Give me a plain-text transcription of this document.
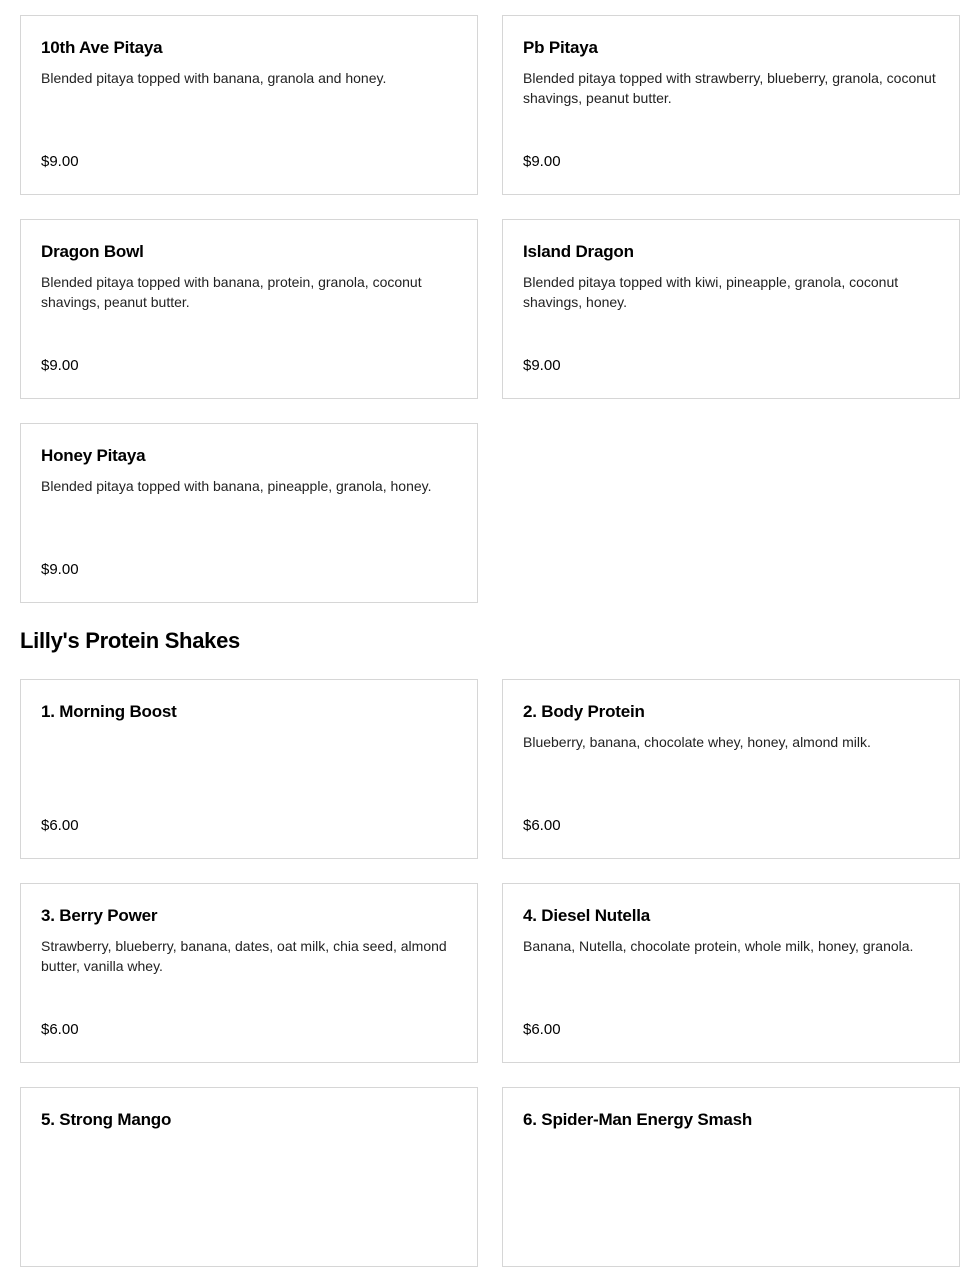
10th Ave Pitaya
Blended pitaya topped with banana, granola and honey.
$9.00
Pb Pitaya
Blended pitaya topped with strawberry, blueberry, granola, coconut shavings, peanut butter.
$9.00
Dragon Bowl
Blended pitaya topped with banana, protein, granola, coconut shavings, peanut butter.
$9.00
Island Dragon
Blended pitaya topped with kiwi, pineapple, granola, coconut shavings, honey.
$9.00
Honey Pitaya
Blended pitaya topped with banana, pineapple, granola, honey.
$9.00
Lilly's Protein Shakes
1. Morning Boost
$6.00
2. Body Protein
Blueberry, banana, chocolate whey, honey, almond milk.
$6.00
3. Berry Power
Strawberry, blueberry, banana, dates, oat milk, chia seed, almond butter, vanilla whey.
$6.00
4. Diesel Nutella
Banana, Nutella, chocolate protein, whole milk, honey, granola.
$6.00
5. Strong Mango	6. Spider-Man Energy Smash
